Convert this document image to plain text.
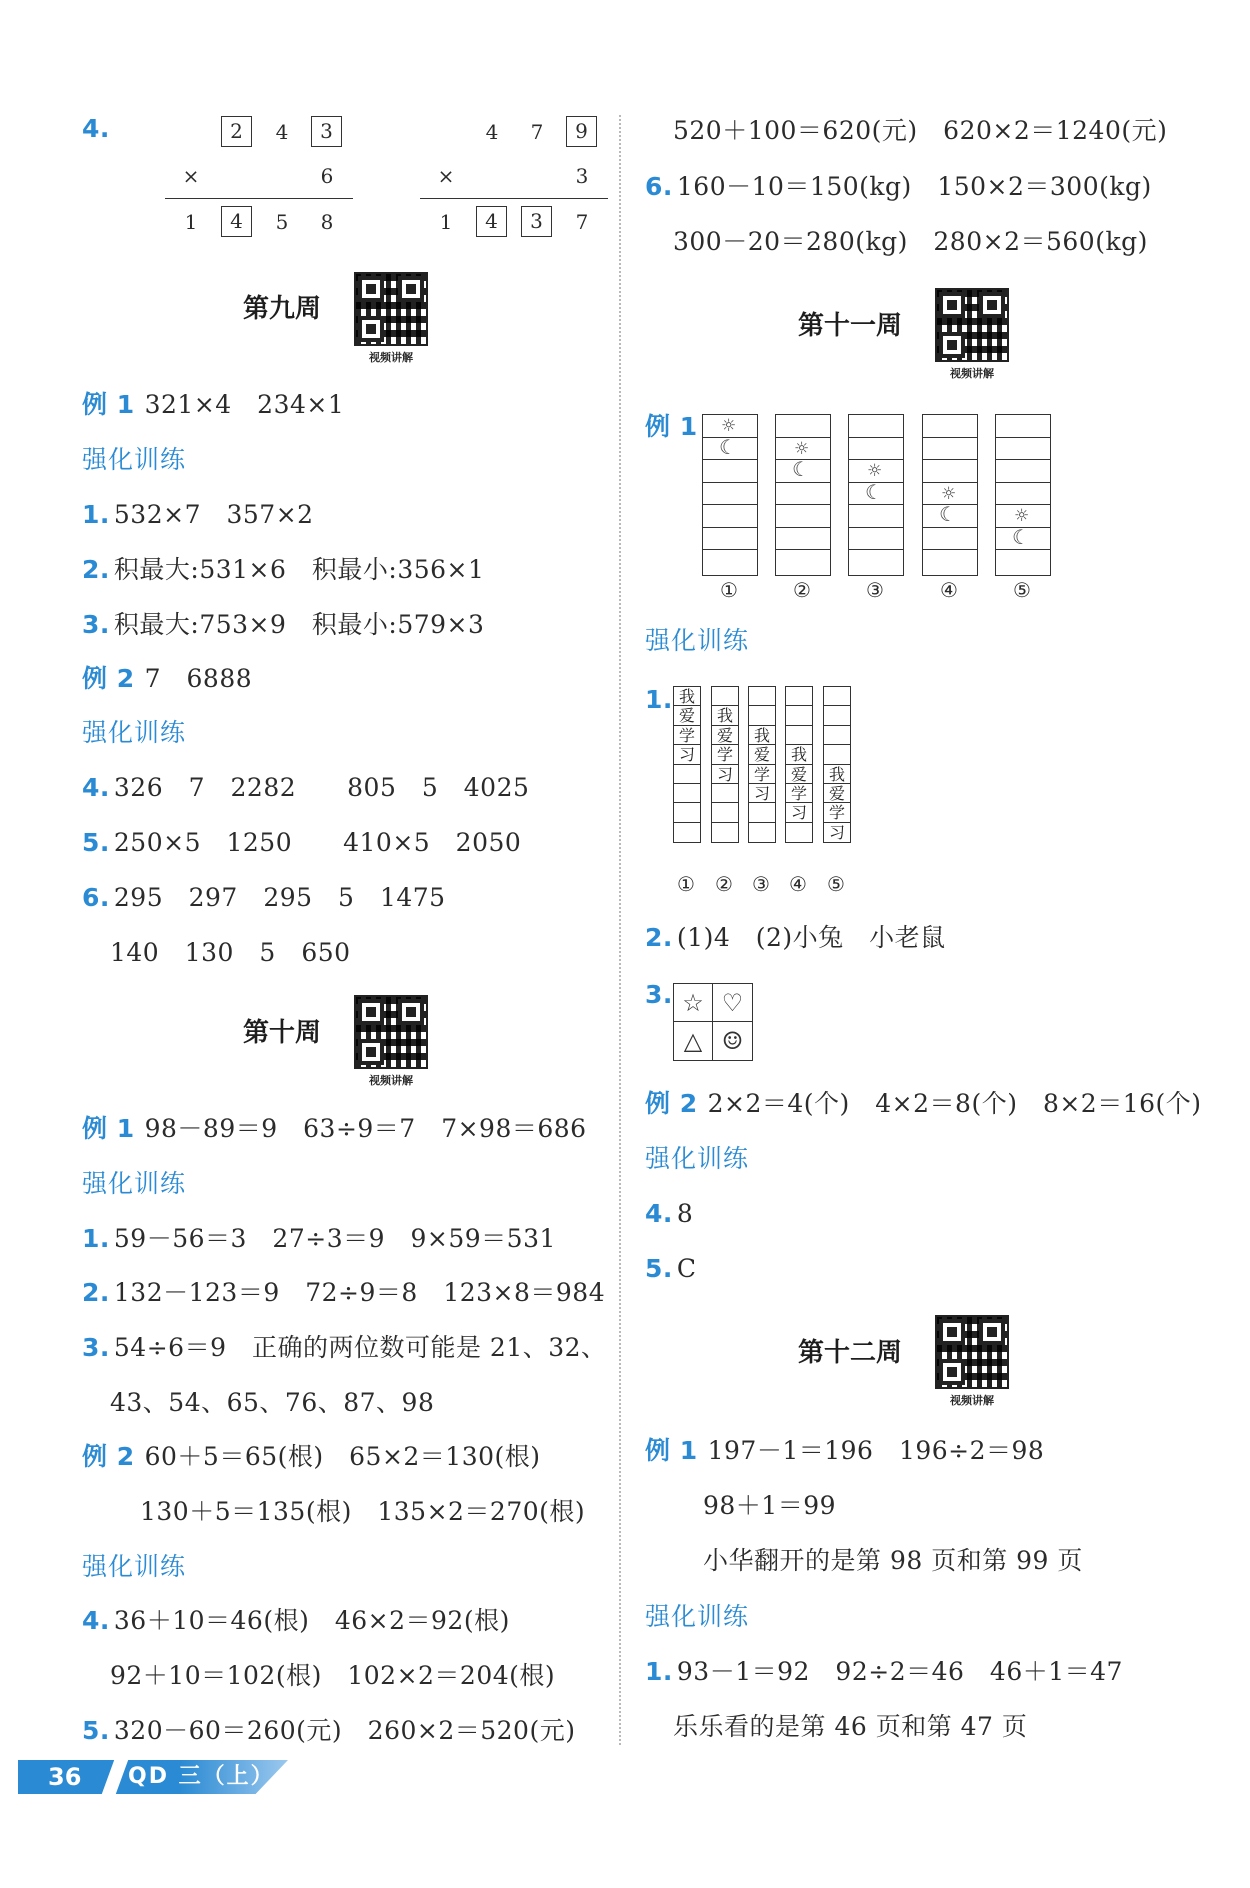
4.	2	4	3
×	6
1	4	5	8
4	7	9
×	3
1	4	3	7
第九周
视频讲解
例 1 321×4　234×1
强化训练
1. 532×7　357×2
2. 积最大:531×6　积最小:356×1
3. 积最大:753×9　积最小:579×3
例 2 7　6888
强化训练
4. 326　7　2282　　805　5　4025
5. 250×5　1250　　410×5　2050
6. 295　297　295　5　1475
140　130　5　650
第十周
视频讲解
例 1 98－89＝9　63÷9＝7　7×98＝686
强化训练
1. 59－56＝3　27÷3＝9　9×59＝531
2. 132－123＝9　72÷9＝8　123×8＝984
3. 54÷6＝9　正确的两位数可能是 21、32、
43、54、65、76、87、98
例 2 60＋5＝65(根)　65×2＝130(根)
130＋5＝135(根)　135×2＝270(根)
强化训练
4. 36＋10＝46(根)　46×2＝92(根)
92＋10＝102(根)　102×2＝204(根)
5. 320－60＝260(元)　260×2＝520(元)
520＋100＝620(元)　620×2＝1240(元)
6. 160－10＝150(kg)　150×2＝300(kg)
300－20＝280(kg)　280×2＝560(kg)
第十一周
视频讲解
例 1	☼
☾
①
☼
☾
②
☼
☾
③
☼
☾
④
☼
☾
⑤
强化训练
1. 我
爱
学
习
①
我
爱
学
习
②
我
爱
学
习
③
我
爱
学
习
④
我
爱
学
习
⑤
2. (1)4　(2)小兔　小老鼠
3. ☆ ♡
△ ☺
例 2 2×2＝4(个)　4×2＝8(个)　8×2＝16(个)
强化训练
4. 8
5. C
第十二周
视频讲解
例 1 197－1＝196　196÷2＝98
98＋1＝99
小华翻开的是第 98 页和第 99 页
强化训练
1. 93－1＝92　92÷2＝46　46＋1＝47
乐乐看的是第 46 页和第 47 页
36 QD 三（上）
